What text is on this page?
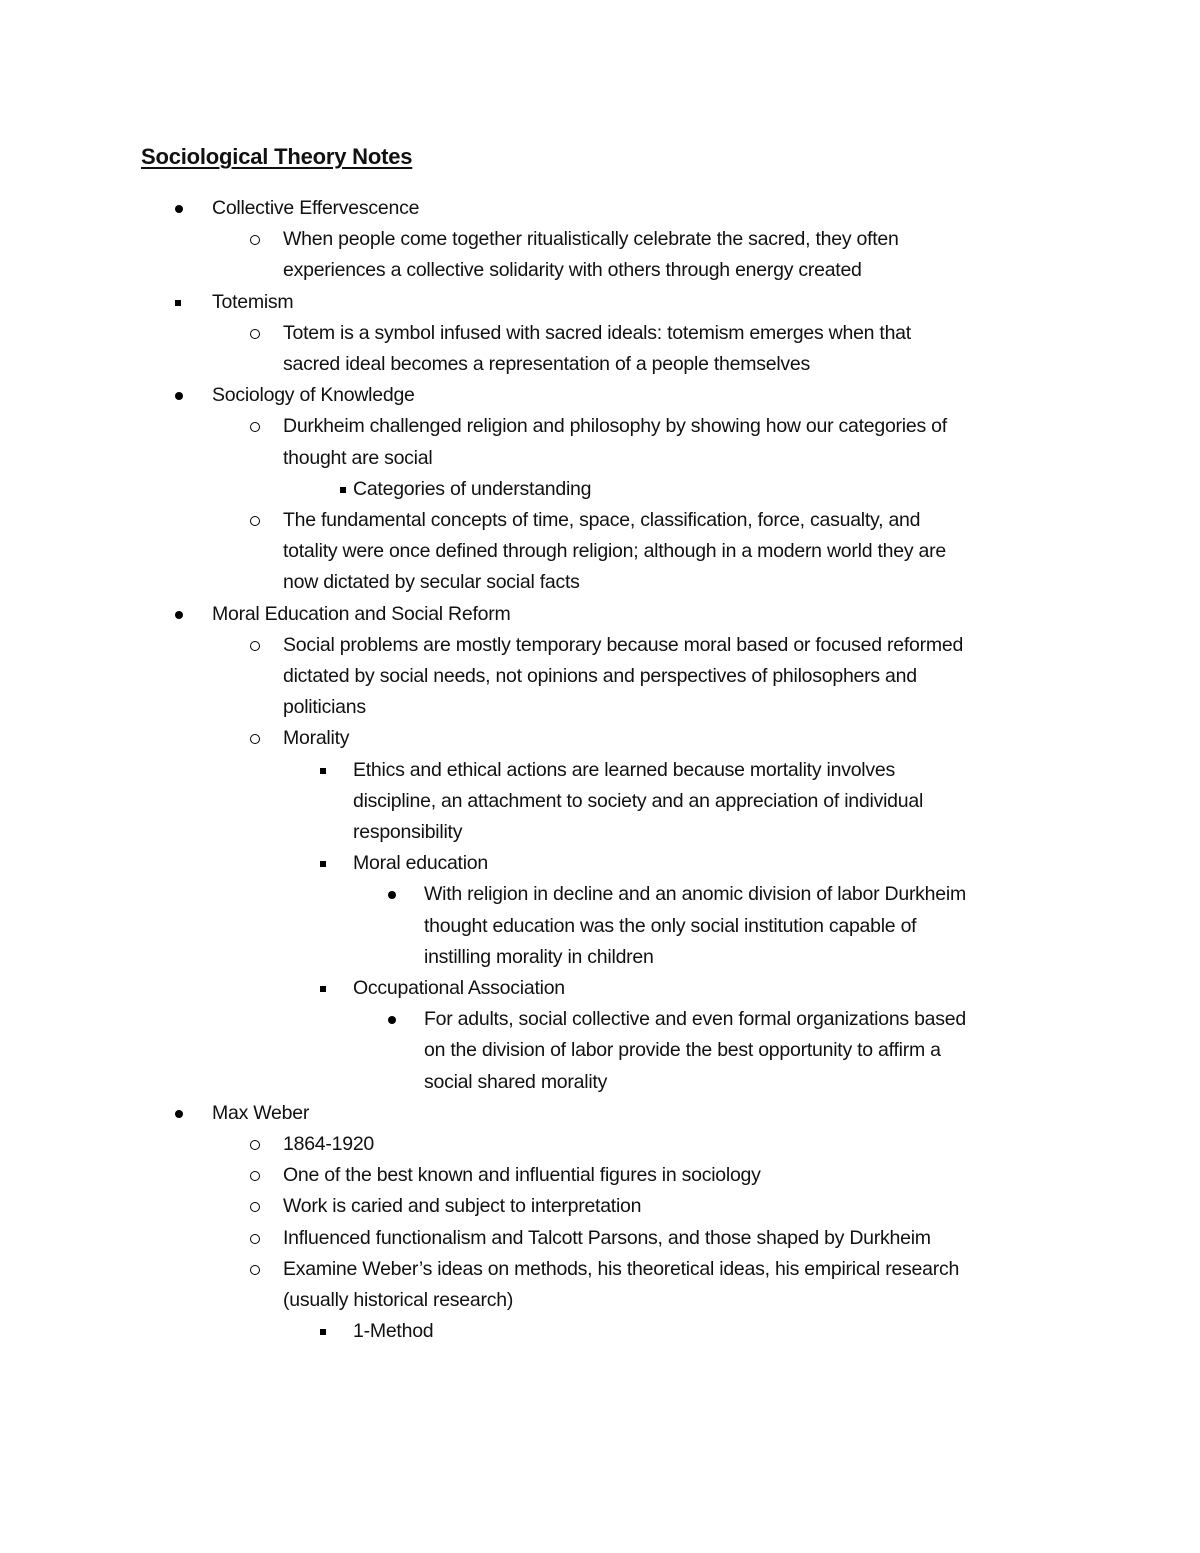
Sociological Theory Notes
Collective Effervescence
When people come together ritualistically celebrate the sacred, they often
experiences a collective solidarity with others through energy created
Totemism
Totem is a symbol infused with sacred ideals: totemism emerges when that
sacred ideal becomes a representation of a people themselves
Sociology of Knowledge
Durkheim challenged religion and philosophy by showing how our categories of
thought are social
Categories of understanding
The fundamental concepts of time, space, classification, force, casualty, and
totality were once defined through religion; although in a modern world they are
now dictated by secular social facts
Moral Education and Social Reform
Social problems are mostly temporary because moral based or focused reformed
dictated by social needs, not opinions and perspectives of philosophers and
politicians
Morality
Ethics and ethical actions are learned because mortality involves
discipline, an attachment to society and an appreciation of individual
responsibility
Moral education
With religion in decline and an anomic division of labor Durkheim
thought education was the only social institution capable of
instilling morality in children
Occupational Association
For adults, social collective and even formal organizations based
on the division of labor provide the best opportunity to affirm a
social shared morality
Max Weber
1864-1920
One of the best known and influential figures in sociology
Work is caried and subject to interpretation
Influenced functionalism and Talcott Parsons, and those shaped by Durkheim
Examine Weber’s ideas on methods, his theoretical ideas, his empirical research
(usually historical research)
1-Method
